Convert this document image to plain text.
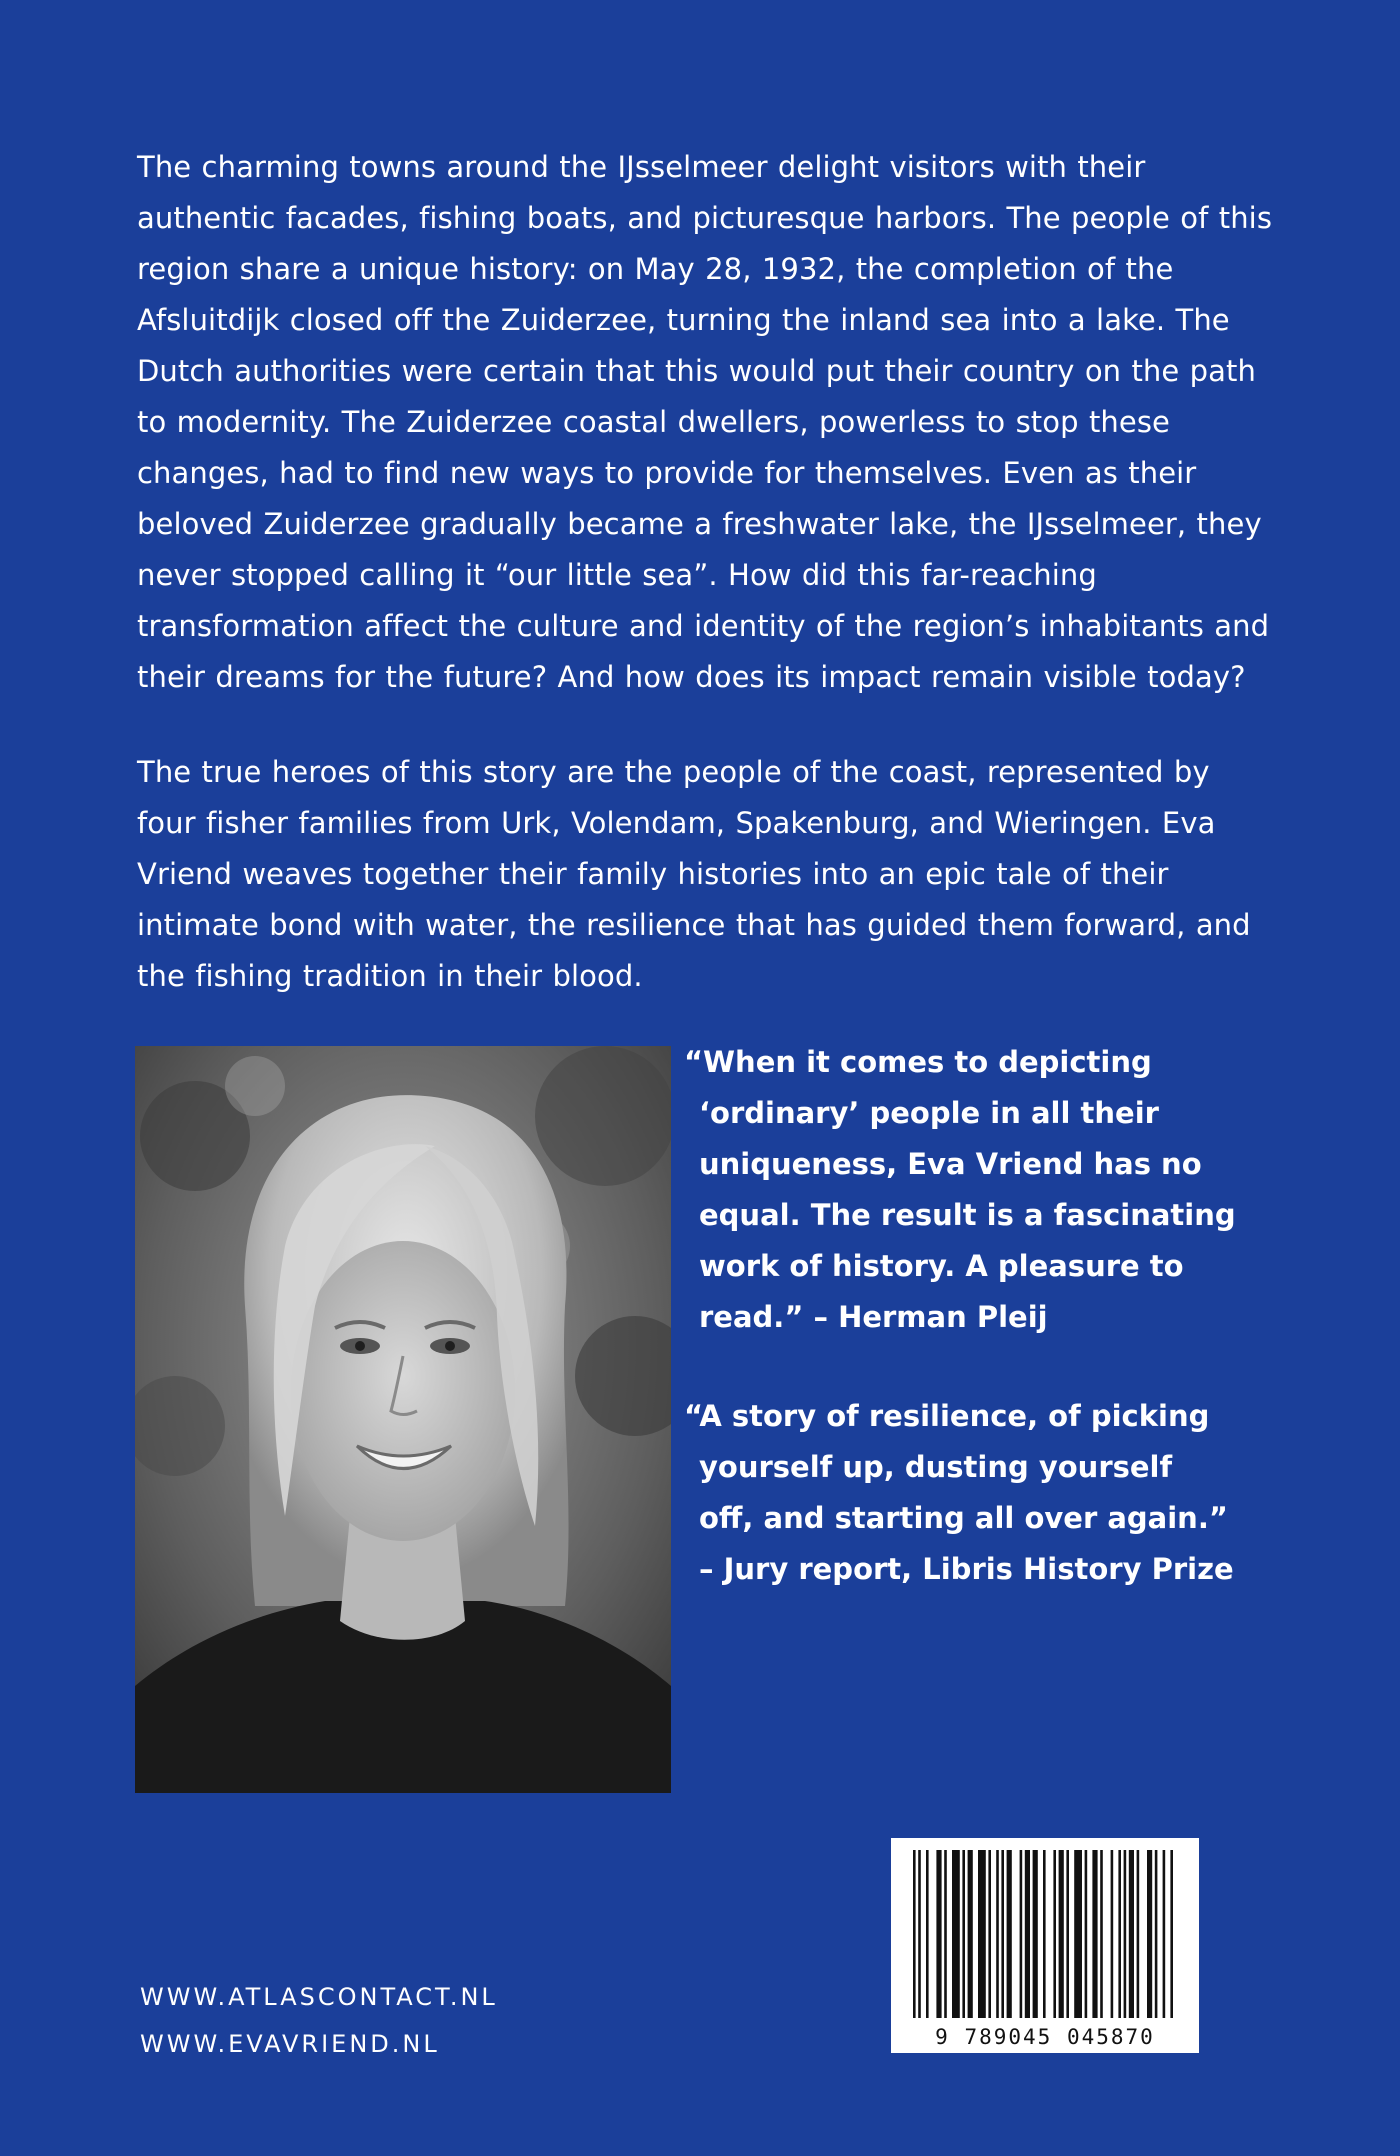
The charming towns around the IJsselmeer delight visitors with their authentic facades, fishing boats, and picturesque harbors. The people of this region share a unique history: on May 28, 1932, the completion of the Afsluitdijk closed off the Zuiderzee, turning the inland sea into a lake. The Dutch authorities were certain that this would put their country on the path to modernity. The Zuiderzee coastal dwellers, powerless to stop these changes, had to find new ways to provide for themselves. Even as their beloved Zuiderzee gradually became a freshwater lake, the IJsselmeer, they never stopped calling it “our little sea”. How did this far-reaching transformation affect the culture and identity of the region’s inhabitants and their dreams for the future? And how does its impact remain visible today?

The true heroes of this story are the people of the coast, represented by four fisher families from Urk, Volendam, Spakenburg, and Wieringen. Eva Vriend weaves together their family histories into an epic tale of their intimate bond with water, the resilience that has guided them forward, and the fishing tradition in their blood.

“When it comes to depicting
‘ordinary’ people in all their
uniqueness, Eva Vriend has no
equal. The result is a fascinating
work of history. A pleasure to
read.” – Herman Pleij
“A story of resilience, of picking
yourself up, dusting yourself
off, and starting all over again.”
– Jury report, Libris History Prize
WWW.ATLASCONTACT.NL
WWW.EVAVRIEND.NL	9 789045 045870
